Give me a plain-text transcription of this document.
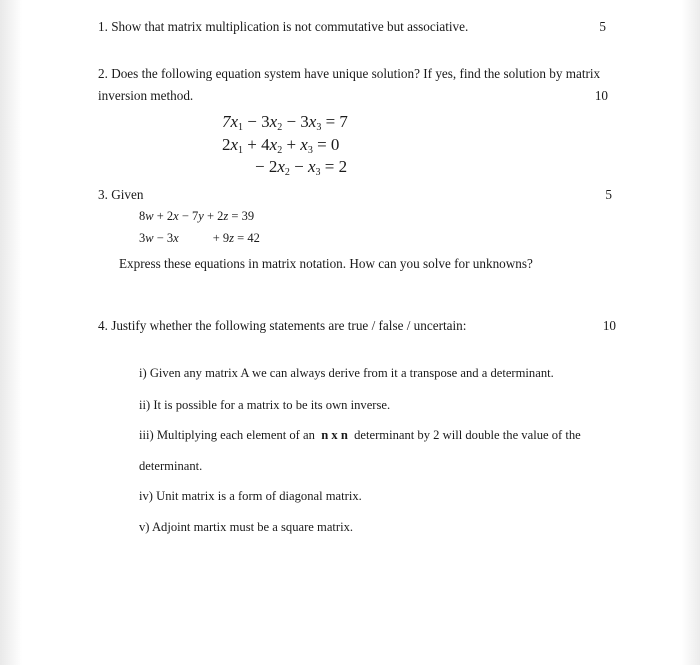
1. Show that matrix multiplication is not commutative but associative.	5
2. Does the following equation system have unique solution? If yes, find the solution by matrix
inversion method.	10
$7x_1 - 3x_2 - 3x_3 = 7$
$2x_1 + 4x_2 + x_3 = 0$
− $2x_2 - x_3 = 2$
3. Given	5
8w + 2x − 7y + 2z = 39
3w − 3x	+ 9z = 42
Express these equations in matrix notation. How can you solve for unknowns?
4. Justify whether the following statements are true / false / uncertain:	10
i) Given any matrix A we can always derive from it a transpose and a determinant.
ii) It is possible for a matrix to be its own inverse.
iii) Multiplying each element of an n x n determinant by 2 will double the value of the
determinant.
iv) Unit matrix is a form of diagonal matrix.
v) Adjoint martix must be a square matrix.
